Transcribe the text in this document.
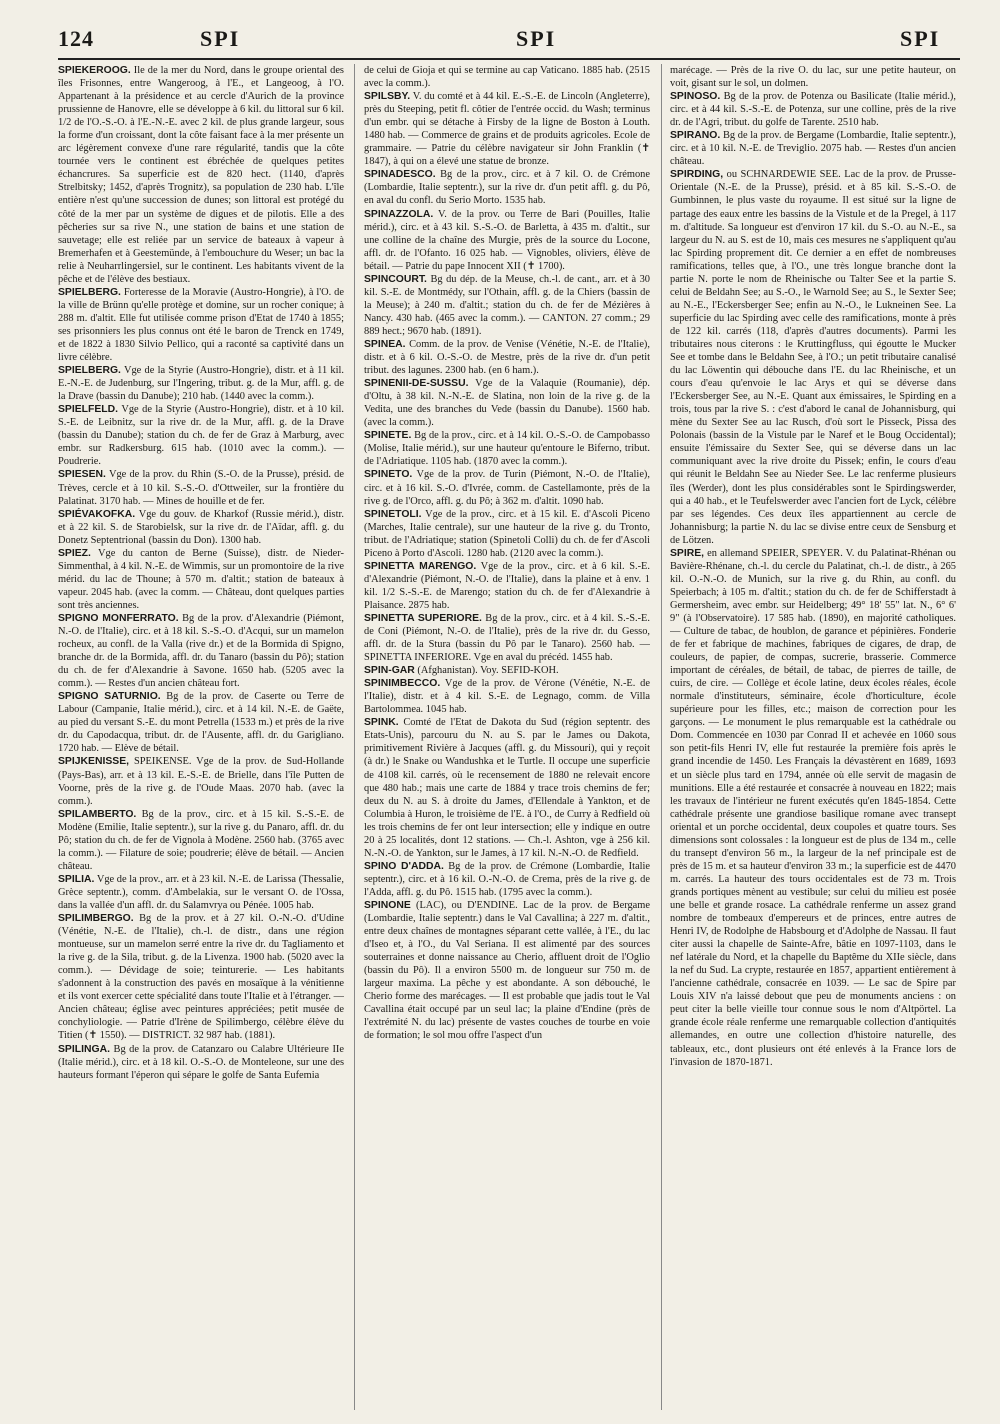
124	SPI	SPI	SPI

SPIEKEROOG. Ile de la mer du Nord, dans le groupe oriental des îles Frisonnes, entre Wangeroog, à l'E., et Langeoog, à l'O. Appartenant à la présidence et au cercle d'Aurich de la province prussienne de Hanovre, elle se développe à 6 kil. du littoral sur 6 kil. 1/2 de l'O.-S.-O. à l'E.-N.-E. avec 2 kil. de plus grande largeur, sous la forme d'un croissant, dont la côte faisant face à la mer présente un arc légèrement convexe d'une rare régularité, tandis que la côte tournée vers le continent est ébréchée de quelques petites échancrures. Sa superficie est de 820 hect. (1140, d'après Strelbitsky; 1452, d'après Trognitz), sa population de 230 hab. L'île entière n'est qu'une succession de dunes; son littoral est protégé du côté de la mer par un système de digues et de pilotis. Elle a des pêcheries sur sa rive N., une station de bains et une station de sauvetage; elle est reliée par un service de bateaux à vapeur à Bremerhafen et à Geestemünde, à l'embouchure du Weser; un bac la relie à Neuharrlingersiel, sur le continent. Les habitants vivent de la pêche et de l'élève des bestiaux.

SPIELBERG. Forteresse de la Moravie (Austro-Hongrie), à l'O. de la ville de Brünn qu'elle protège et domine, sur un rocher conique; à 288 m. d'altit. Elle fut utilisée comme prison d'Etat de 1740 à 1855; ses prisonniers les plus connus ont été le baron de Trenck en 1749, et de 1822 à 1830 Silvio Pellico, qui a raconté sa captivité dans un livre célèbre.

SPIELBERG. Vge de la Styrie (Austro-Hongrie), distr. et à 11 kil. E.-N.-E. de Judenburg, sur l'Ingering, tribut. g. de la Mur, affl. g. de la Drave (bassin du Danube); 210 hab. (1440 avec la comm.).

SPIELFELD. Vge de la Styrie (Austro-Hongrie), distr. et à 10 kil. S.-E. de Leibnitz, sur la rive dr. de la Mur, affl. g. de la Drave (bassin du Danube); station du ch. de fer de Graz à Marburg, avec embr. sur Radkersburg. 615 hab. (1010 avec la comm.). — Poudrerie.

SPIESEN. Vge de la prov. du Rhin (S.-O. de la Prusse), présid. de Trèves, cercle et à 10 kil. S.-S.-O. d'Ottweiler, sur la frontière du Palatinat. 3170 hab. — Mines de houille et de fer.

SPIÉVAKOFKA. Vge du gouv. de Kharkof (Russie mérid.), distr. et à 22 kil. S. de Starobielsk, sur la rive dr. de l'Aïdar, affl. g. du Donetz Septentrional (bassin du Don). 1300 hab.

SPIEZ. Vge du canton de Berne (Suisse), distr. de Nieder-Simmenthal, à 4 kil. N.-E. de Wimmis, sur un promontoire de la rive mérid. du lac de Thoune; à 570 m. d'altit.; station de bateaux à vapeur. 2045 hab. (avec la comm. — Château, dont quelques parties sont très anciennes.

SPIGNO MONFERRATO. Bg de la prov. d'Alexandrie (Piémont, N.-O. de l'Italie), circ. et à 18 kil. S.-S.-O. d'Acqui, sur un mamelon rocheux, au confl. de la Valla (rive dr.) et de la Bormida di Spigno, branche dr. de la Bormida, affl. dr. du Tanaro (bassin du Pô); station du ch. de fer d'Alexandrie à Savone. 1650 hab. (5205 avec la comm.). — Restes d'un ancien château fort.

SPIGNO SATURNIO. Bg de la prov. de Caserte ou Terre de Labour (Campanie, Italie mérid.), circ. et à 14 kil. N.-E. de Gaëte, au pied du versant S.-E. du mont Petrella (1533 m.) et près de la rive dr. du Capodacqua, tribut. dr. de l'Ausente, affl. dr. du Garigliano. 1720 hab. — Elève de bétail.

SPIJKENISSE, SPEIKENSE. Vge de la prov. de Sud-Hollande (Pays-Bas), arr. et à 13 kil. E.-S.-E. de Brielle, dans l'île Putten de Voorne, près de la rive g. de l'Oude Maas. 2070 hab. (avec la comm.).

SPILAMBERTO. Bg de la prov., circ. et à 15 kil. S.-S.-E. de Modène (Emilie, Italie septentr.), sur la rive g. du Panaro, affl. dr. du Pô; station du ch. de fer de Vignola à Modène. 2560 hab. (3765 avec la comm.). — Filature de soie; poudrerie; élève de bétail. — Ancien château.

SPILIA. Vge de la prov., arr. et à 23 kil. N.-E. de Larissa (Thessalie, Grèce septentr.), comm. d'Ambelakia, sur le versant O. de l'Ossa, dans la vallée d'un affl. dr. du Salamvrya ou Pénée. 1005 hab.

SPILIMBERGO. Bg de la prov. et à 27 kil. O.-N.-O. d'Udine (Vénétie, N.-E. de l'Italie), ch.-l. de distr., dans une région montueuse, sur un mamelon serré entre la rive dr. du Tagliamento et la rive g. de la Sila, tribut. g. de la Livenza. 1900 hab. (5020 avec la comm.). — Dévidage de soie; teinturerie. — Les habitants s'adonnent à la construction des pavés en mosaïque à la vénitienne et ils vont exercer cette spécialité dans toute l'Italie et à l'étranger. — Ancien château; église avec peintures appréciées; petit musée de conchyliologie. — Patrie d'Irène de Spilimbergo, célèbre élève du Titien (✝ 1550). — DISTRICT. 32 987 hab. (1881).

SPILINGA. Bg de la prov. de Catanzaro ou Calabre Ultérieure IIe (Italie mérid.), circ. et à 18 kil. O.-S.-O. de Monteleone, sur une des hauteurs formant l'éperon qui sépare le golfe de Santa Eufemia

de celui de Gioja et qui se termine au cap Vaticano. 1885 hab. (2515 avec la comm.).

SPILSBY. V. du comté et à 44 kil. E.-S.-E. de Lincoln (Angleterre), près du Steeping, petit fl. côtier de l'entrée occid. du Wash; terminus d'un embr. qui se détache à Firsby de la ligne de Boston à Louth. 1480 hab. — Commerce de grains et de produits agricoles. Ecole de grammaire. — Patrie du célèbre navigateur sir John Franklin (✝ 1847), à qui on a élevé une statue de bronze.

SPINADESCO. Bg de la prov., circ. et à 7 kil. O. de Crémone (Lombardie, Italie septentr.), sur la rive dr. d'un petit affl. g. du Pô, en aval du confl. du Serio Morto. 1535 hab.

SPINAZZOLA. V. de la prov. ou Terre de Bari (Pouilles, Italie mérid.), circ. et à 43 kil. S.-S.-O. de Barletta, à 435 m. d'altit., sur une colline de la chaîne des Murgie, près de la source du Locone, affl. dr. de l'Ofanto. 16 025 hab. — Vignobles, oliviers, élève de bétail. — Patrie du pape Innocent XII (✝ 1700).

SPINCOURT. Bg du dép. de la Meuse, ch.-l. de cant., arr. et à 30 kil. S.-E. de Montmédy, sur l'Othain, affl. g. de la Chiers (bassin de la Meuse); à 240 m. d'altit.; station du ch. de fer de Mézières à Nancy. 430 hab. (465 avec la comm.). — CANTON. 27 comm.; 29 889 hect.; 9670 hab. (1891).

SPINEA. Comm. de la prov. de Venise (Vénétie, N.-E. de l'Italie), distr. et à 6 kil. O.-S.-O. de Mestre, près de la rive dr. d'un petit tribut. des lagunes. 2300 hab. (en 6 ham.).

SPINENII-DE-SUSSU. Vge de la Valaquie (Roumanie), dép. d'Oltu, à 38 kil. N.-N.-E. de Slatina, non loin de la rive g. de la Vedita, une des branches du Vede (bassin du Danube). 1560 hab. (avec la comm.).

SPINETE. Bg de la prov., circ. et à 14 kil. O.-S.-O. de Campobasso (Molise, Italie mérid.), sur une hauteur qu'entoure le Biferno, tribut. de l'Adriatique. 1105 hab. (1870 avec la comm.).

SPINETO. Vge de la prov. de Turin (Piémont, N.-O. de l'Italie), circ. et à 16 kil. S.-O. d'Ivrée, comm. de Castellamonte, près de la rive g. de l'Orco, affl. g. du Pô; à 362 m. d'altit. 1090 hab.

SPINETOLI. Vge de la prov., circ. et à 15 kil. E. d'Ascoli Piceno (Marches, Italie centrale), sur une hauteur de la rive g. du Tronto, tribut. de l'Adriatique; station (Spinetoli Colli) du ch. de fer d'Ascoli Piceno à Porto d'Ascoli. 1280 hab. (2120 avec la comm.).

SPINETTA MARENGO. Vge de la prov., circ. et à 6 kil. S.-E. d'Alexandrie (Piémont, N.-O. de l'Italie), dans la plaine et à env. 1 kil. 1/2 S.-S.-E. de Marengo; station du ch. de fer d'Alexandrie à Plaisance. 2875 hab.

SPINETTA SUPERIORE. Bg de la prov., circ. et à 4 kil. S.-S.-E. de Coni (Piémont, N.-O. de l'Italie), près de la rive dr. du Gesso, affl. dr. de la Stura (bassin du Pô par le Tanaro). 2560 hab. — SPINETTA INFERIORE. Vge en aval du précéd. 1455 hab.

SPIN-GAR (Afghanistan). Voy. SEFID-KOH.

SPINIMBECCO. Vge de la prov. de Vérone (Vénétie, N.-E. de l'Italie), distr. et à 4 kil. S.-E. de Legnago, comm. de Villa Bartolommea. 1045 hab.

SPINK. Comté de l'Etat de Dakota du Sud (région septentr. des Etats-Unis), parcouru du N. au S. par le James ou Dakota, primitivement Rivière à Jacques (affl. g. du Missouri), qui y reçoit (à dr.) le Snake ou Wandushka et le Turtle. Il occupe une superficie de 4108 kil. carrés, où le recensement de 1880 ne relevait encore que 480 hab.; mais une carte de 1884 y trace trois chemins de fer; deux du N. au S. à droite du James, d'Ellendale à Yankton, et de Columbia à Huron, le troisième de l'E. à l'O., de Curry à Redfield où les trois chemins de fer ont leur intersection; elle y indique en outre 20 à 25 localités, dont 12 stations. — Ch.-l. Ashton, vge à 256 kil. N.-N.-O. de Yankton, sur le James, à 17 kil. N.-N.-O. de Redfield.

SPINO D'ADDA. Bg de la prov. de Crémone (Lombardie, Italie septentr.), circ. et à 16 kil. O.-N.-O. de Crema, près de la rive g. de l'Adda, affl. g. du Pô. 1515 hab. (1795 avec la comm.).

SPINONE (LAC), ou D'ENDINE. Lac de la prov. de Bergame (Lombardie, Italie septentr.) dans le Val Cavallina; à 227 m. d'altit., entre deux chaînes de montagnes séparant cette vallée, à l'E., du lac d'Iseo et, à l'O., du Val Seriana. Il est alimenté par des sources souterraines et donne naissance au Cherio, affluent droit de l'Oglio (bassin du Pô). Il a environ 5500 m. de longueur sur 750 m. de largeur maxima. La pêche y est abondante. A son débouché, le Cherio forme des marécages. — Il est probable que jadis tout le Val Cavallina était occupé par un seul lac; la plaine d'Endine (près de l'extrémité N. du lac) présente de vastes couches de tourbe en voie de formation; le sol mou offre l'aspect d'un

marécage. — Près de la rive O. du lac, sur une petite hauteur, on voit, gisant sur le sol, un dolmen.

SPINOSO. Bg de la prov. de Potenza ou Basilicate (Italie mérid.), circ. et à 44 kil. S.-S.-E. de Potenza, sur une colline, près de la rive dr. de l'Agri, tribut. du golfe de Tarente. 2510 hab.

SPIRANO. Bg de la prov. de Bergame (Lombardie, Italie septentr.), circ. et à 10 kil. N.-E. de Treviglio. 2075 hab. — Restes d'un ancien château.

SPIRDING, ou SCHNARDEWIE SEE. Lac de la prov. de Prusse-Orientale (N.-E. de la Prusse), présid. et à 85 kil. S.-S.-O. de Gumbinnen, le plus vaste du royaume. Il est situé sur la ligne de partage des eaux entre les bassins de la Vistule et de la Pregel, à 117 m. d'altitude. Sa longueur est d'environ 17 kil. du S.-O. au N.-E., sa largeur du N. au S. est de 10, mais ces mesures ne s'appliquent qu'au lac Spirding proprement dit. Ce dernier a en effet de nombreuses ramifications, telles que, à l'O., une très longue branche dont la partie N. porte le nom de Rheinische ou Talter See et la partie S. celui de Beldahn See; au S.-O., le Warnold See; au S., le Sexter See; au N.-E., l'Eckersberger See; enfin au N.-O., le Lukneinen See. La superficie du lac Spirding avec celle des ramifications, monte à près de 122 kil. carrés (118, d'après d'autres documents). Parmi les tributaires nous citerons : le Kruttingfluss, qui égoutte le Mucker See et tombe dans le Beldahn See, à l'O.; un petit tributaire canalisé du lac Löwentin qui débouche dans l'E. du lac Rheinische, et un cours d'eau qu'envoie le lac Arys et qui se déverse dans l'Eckersberger See, au N.-E. Quant aux émissaires, le Spirding en a trois, tous par la rive S. : c'est d'abord le canal de Johannisburg, qui mène du Sexter See au lac Rusch, d'où sort le Pisseck, Pissa des Polonais (bassin de la Vistule par le Naref et le Boug Occidental); ensuite l'émissaire du Sexter See, qui se déverse dans un lac communiquant avec la rive droite du Pissek; enfin, le cours d'eau qui réunit le Beldahn See au Nieder See. Le lac renferme plusieurs îles (Werder), dont les plus considérables sont le Spirdingswerder, qui a 40 hab., et le Teufelswerder avec l'ancien fort de Lyck, célèbre par ses légendes. Ces deux îles appartiennent au cercle de Johannisburg; la partie N. du lac se divise entre ceux de Sensburg et de Lötzen.

SPIRE, en allemand SPEIER, SPEYER. V. du Palatinat-Rhénan ou Bavière-Rhénane, ch.-l. du cercle du Palatinat, ch.-l. de distr., à 265 kil. O.-N.-O. de Munich, sur la rive g. du Rhin, au confl. du Speierbach; à 105 m. d'altit.; station du ch. de fer de Schifferstadt à Germersheim, avec embr. sur Heidelberg; 49° 18' 55" lat. N., 6° 6' 9" (à l'Observatoire). 17 585 hab. (1890), en majorité catholiques. — Culture de tabac, de houblon, de garance et pépinières. Fonderie de fer et fabrique de machines, fabriques de cigares, de drap, de couleurs, de papier, de compas, sucrerie, brasserie. Commerce important de céréales, de bétail, de tabac, de pierres de taille, de cuirs, de cire. — Collège et école latine, deux écoles réales, école normale d'instituteurs, séminaire, école d'horticulture, école supérieure pour les filles, etc.; maison de correction pour les garçons. — Le monument le plus remarquable est la cathédrale ou Dom. Commencée en 1030 par Conrad II et achevée en 1060 sous son petit-fils Henri IV, elle fut restaurée la première fois après le grand incendie de 1450. Les Français la dévastèrent en 1689, 1693 et un siècle plus tard en 1794, année où elle servit de magasin de munitions. Elle a été restaurée et consacrée à nouveau en 1822; mais les travaux de l'intérieur ne furent exécutés qu'en 1845-1854. Cette cathédrale présente une grandiose basilique romane avec transept oriental et un porche occidental, deux coupoles et quatre tours. Ses dimensions sont colossales : la longueur est de plus de 134 m., celle du transept d'environ 56 m., la largeur de la nef principale est de près de 15 m. et sa hauteur d'environ 33 m.; la superficie est de 4470 m. carrés. La hauteur des tours occidentales est de 73 m. Trois grands portiques mènent au vestibule; sur celui du milieu est posée une belle et grande rosace. La cathédrale renferme un assez grand nombre de tombeaux d'empereurs et de princes, entre autres de Henri IV, de Rodolphe de Habsbourg et d'Adolphe de Nassau. Il faut citer aussi la chapelle de Sainte-Afre, bâtie en 1097-1103, dans le nef latérale du Nord, et la chapelle du Baptême du XIIe siècle, dans la nef du Sud. La crypte, restaurée en 1857, appartient entièrement à l'ancienne cathédrale, consacrée en 1039. — Le sac de Spire par Louis XIV n'a laissé debout que peu de monuments anciens : on peut citer la belle vieille tour connue sous le nom d'Altpörtel. La grande école réale renferme une remarquable collection d'antiquités allemandes, en outre une collection d'histoire naturelle, des tableaux, etc., dont plusieurs ont été enlevés à la France lors de l'invasion de 1870-1871.
